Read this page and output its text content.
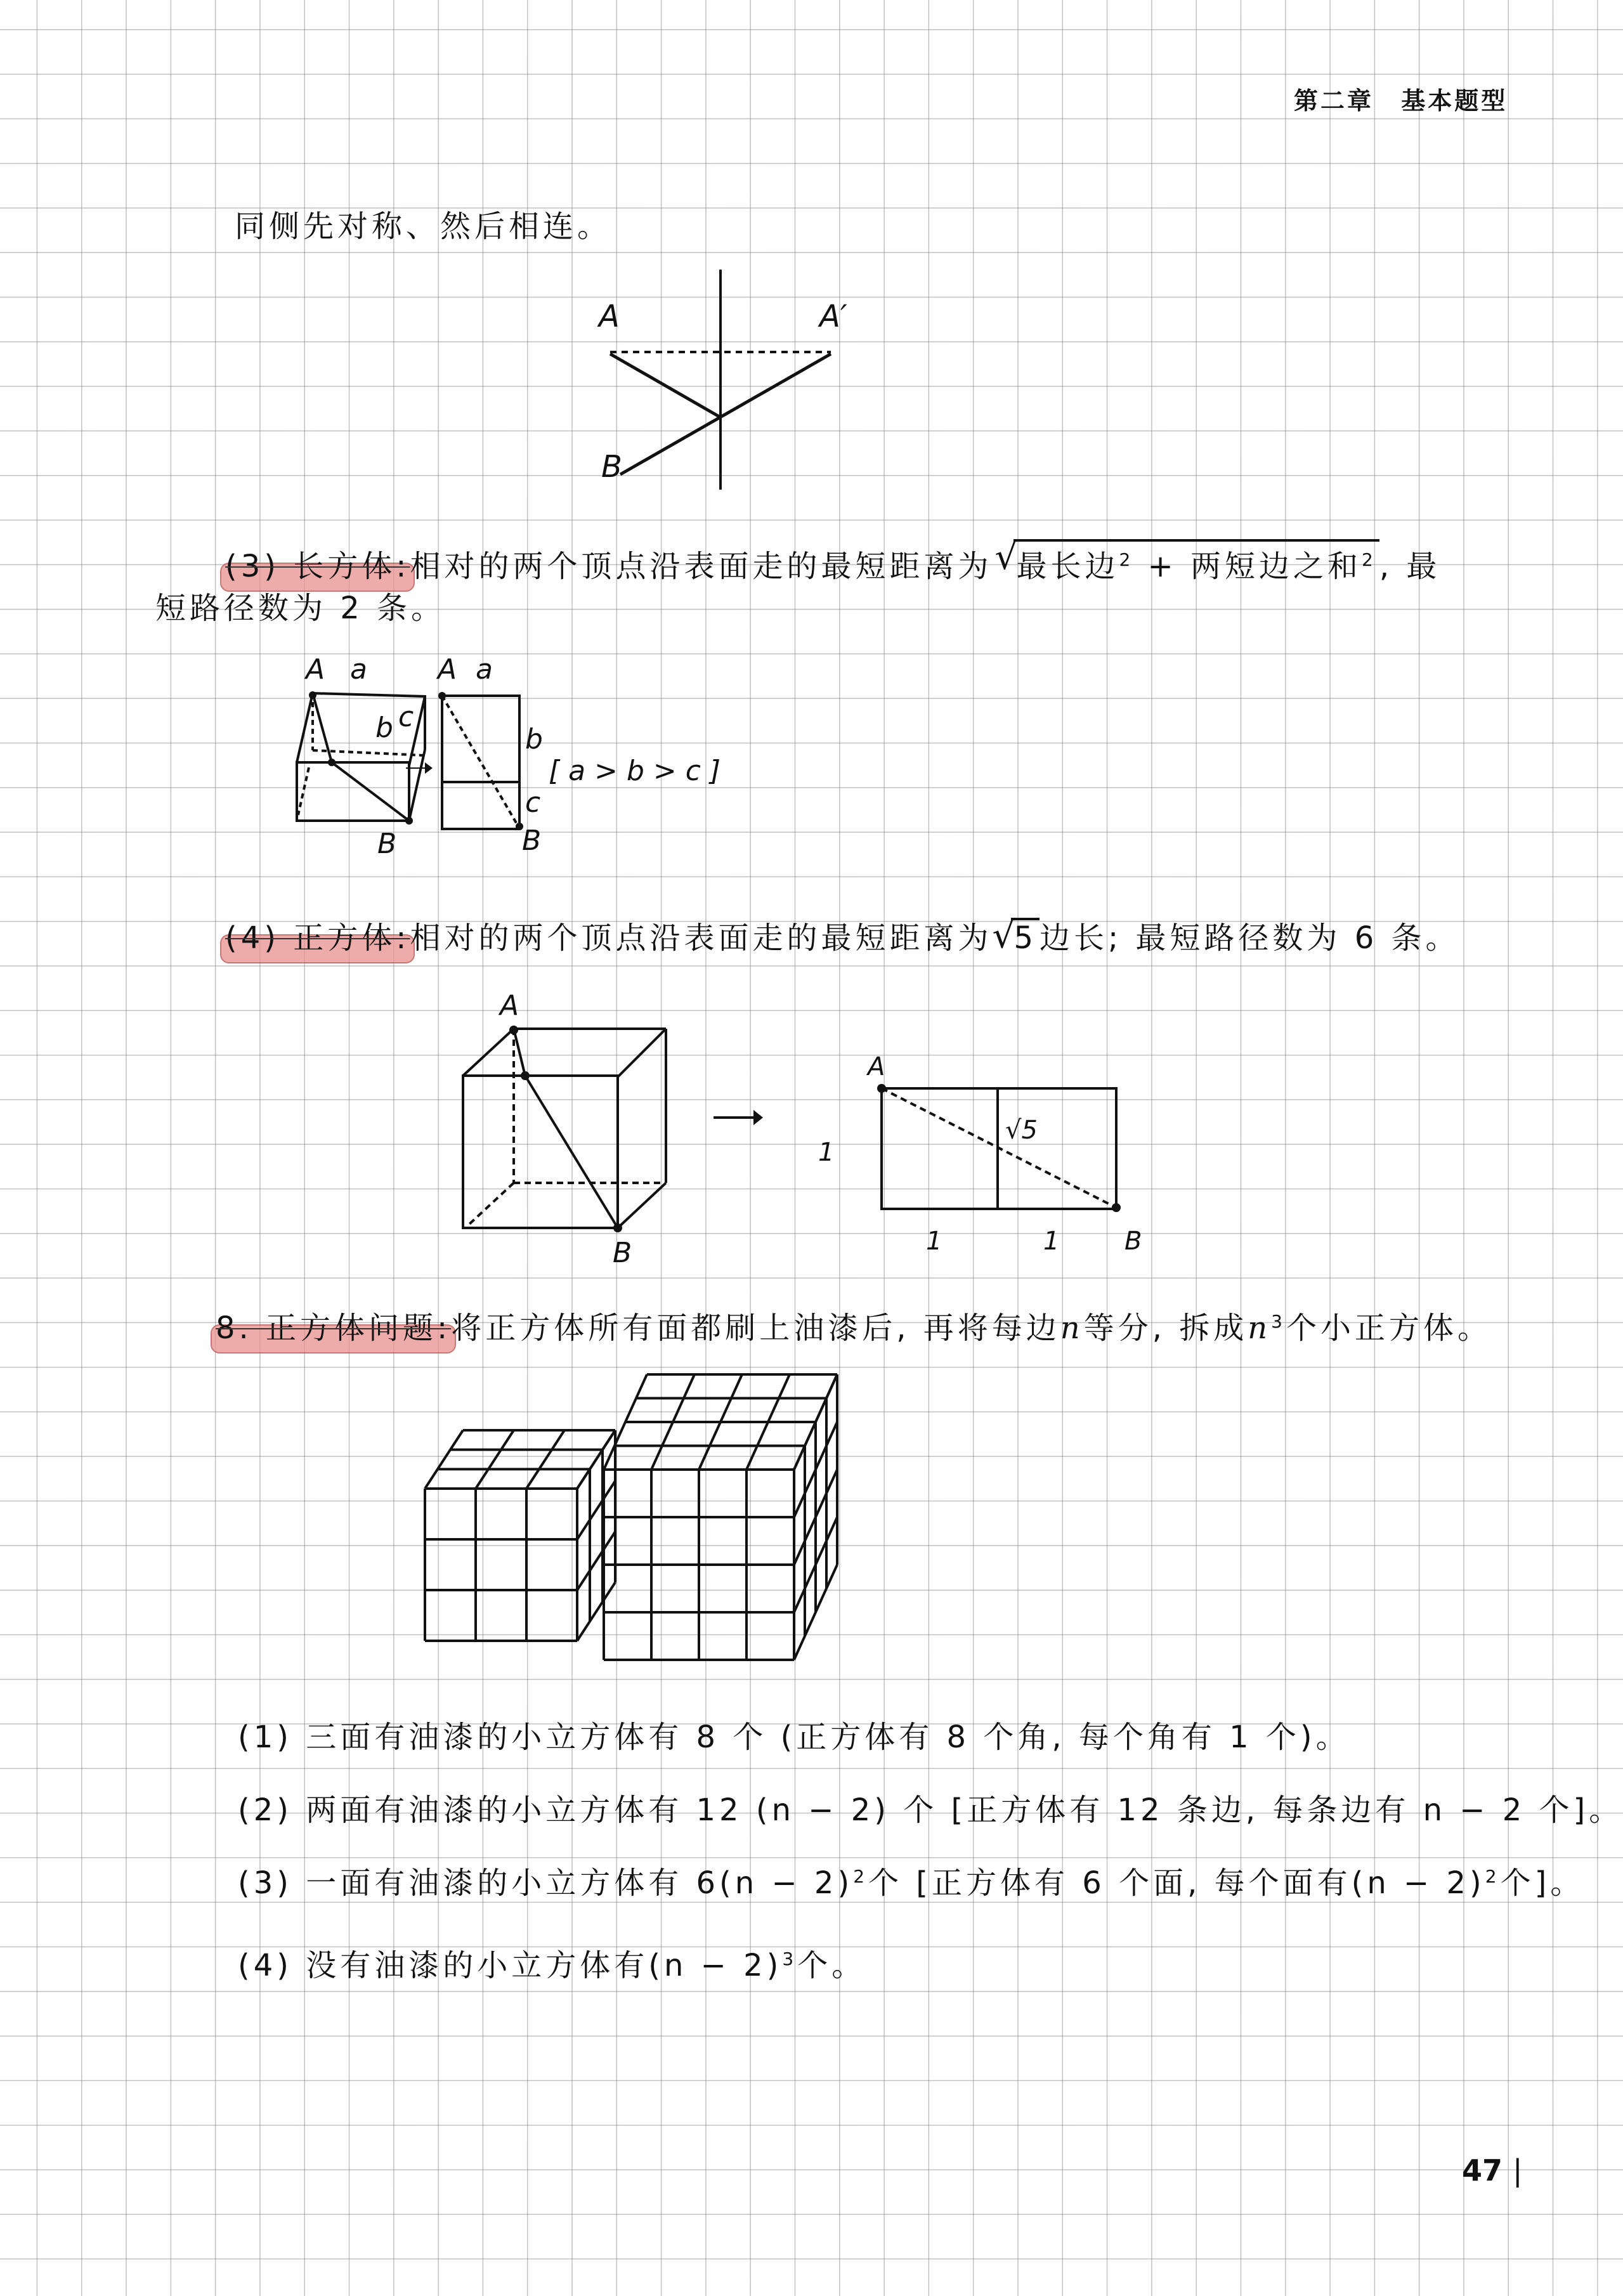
第二章 基本题型
同侧先对称、然后相连。
A	A′
B
(3) 长方体:相对的两个顶点沿表面走的最短距离为 √ 最长边$^2$ + 两短边之和$^2$, 最
短路径数为 2 条。
A a
b c
B
A a
b
c
B
[ a > b > c ]
(4) 正方体:相对的两个顶点沿表面走的最短距离为 √ 5边长; 最短路径数为 6 条。
A
B
A
B
1
1	1
√5
8. 正方体问题:将正方体所有面都刷上油漆后, 再将每边n等分, 拆成$n^3$个小正方体。
(1) 三面有油漆的小立方体有 8 个 (正方体有 8 个角, 每个角有 1 个)。
(2) 两面有油漆的小立方体有 12 (n − 2) 个 [正方体有 12 条边, 每条边有 n − 2 个]。
(3) 一面有油漆的小立方体有 $6(n - 2)^2$个 [正方体有 6 个面, 每个面有$(n - 2)^2$个]。
(4) 没有油漆的小立方体有$(n - 2)^3$个。
47 |
